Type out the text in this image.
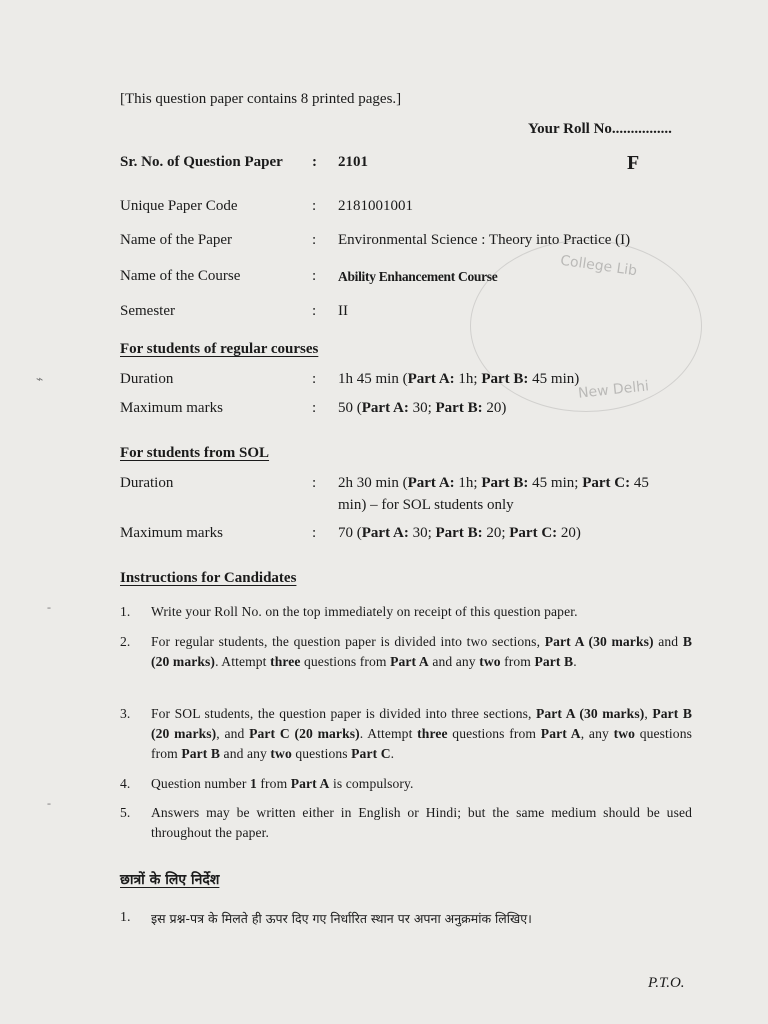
College Lib
New Delhi
⌁
-
-
[This question paper contains 8 printed pages.]
Your Roll No................
Sr. No. of Question Paper : 2101	F
Unique Paper Code	: 2181001001
Name of the Paper	: Environmental Science : Theory into Practice (I)
Name of the Course	: Ability Enhancement Course
Semester	: II
For students of regular courses
Duration	: 1h 45 min (Part A: 1h; Part B: 45 min)
Maximum marks	: 50 (Part A: 30; Part B: 20)
For students from SOL
Duration	: 2h 30 min (Part A: 1h; Part B: 45 min; Part C: 45
min) – for SOL students only
Maximum marks	: 70 (Part A: 30; Part B: 20; Part C: 20)
Instructions for Candidates
1. Write your Roll No. on the top immediately on receipt of this question paper.
2. For regular students, the question paper is divided into two sections, Part A (30 marks) and B (20 marks). Attempt three questions from Part A and any two from Part B.
3. For SOL students, the question paper is divided into three sections, Part A (30 marks), Part B (20 marks), and Part C (20 marks). Attempt three questions from Part A, any two questions from Part B and any two questions Part C.
4. Question number 1 from Part A is compulsory.
5. Answers may be written either in English or Hindi; but the same medium should be used throughout the paper.
छात्रों के लिए निर्देश
1. इस प्रश्न-पत्र के मिलते ही ऊपर दिए गए निर्धारित स्थान पर अपना अनुक्रमांक लिखिए।
P.T.O.
